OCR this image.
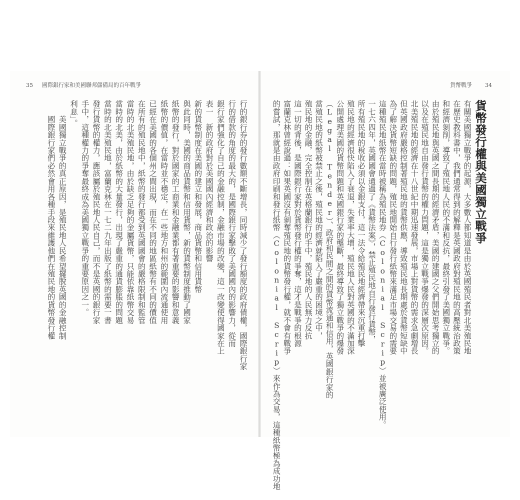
35 國際銀行家和美國聯邦儲備局的百年戰爭	貨幣戰爭 34
貨幣發行權與美國獨立戰爭
有關美國獨立戰爭的起源，大多數人都知道是由於英國殖民者對北美殖民地
在歷史教科書中，我們通常得到的解釋是英國政府對殖民地的高壓統治政策
和經濟剝削，導致了殖民地人民的不滿和反抗，最終引發了美國獨立戰爭。
由於殖民地與英國之間長期的經濟矛盾，美國的建國之父們開始思考獨立的
以及在殖民地自由發行貨幣的權力問題，這是獨立戰爭爆發的深層次原因。
北美殖民地的經濟在十八世紀中期迅速發展，市場上對貨幣的需求急劇增長
但英國政府嚴格控制著殖民地的貨幣供應，導致殖民地長期處於貨幣短缺中
為了解決貨幣短缺的問題，殖民地開始自行發行紙幣來滿足市場交易的需要
這種殖民地紙幣在當時被稱為殖民地券（Colonial Scrip）並被廣泛使用。
一七六四年，英國國會通過了《貨幣法案》，禁止殖民地自行發行貨幣，
所有殖民地的稅收必須以金銀支付，這一法令給殖民地經濟帶來沉重打擊
殖民地的經濟很快陷入了衰退，失業率大增，殖民地人民對英國的不滿加深
公開處理美國的貨幣問題和英國銀行家的壟斷，最終導致了獨立戰爭的爆發
（Legal Tender）、政府和民間之間的貨幣流通和信用，英國銀行家的
當殖民地的紙幣被禁止之後，殖民地的經濟就陷入了嚴重的困境之中，
殖民地的金融，完全控制在英格蘭銀行的手中，殖民地的人民無力反抗
這一切的背後，是國際銀行家對於貨幣發行權的爭奪，這才是戰爭的根源
富蘭克林曾經說過：如果英國沒有剝奪殖民地的貨幣發行權，就不會有戰爭
的嘗試，那就是由政府印刷和發行紙幣（Colonial Scrip）來作為交易，這種紙幣極為成功地
行的銀行券的發行數額不斷增長，同時減少了發行額度的政府債權，國際銀行家
行的借款的角度的最大的，是國際銀行家擊敗了美國國內的影響力，從而
銀行家們強化了自己的金融控制，金融市場的改變，這一改變使得國家在上
表一　新的政府對於美國國內經濟和政治的影響
新的貨幣制度在美國的建立和發展，商品貨幣和信用貨幣
與此同時，美國的商品貨幣和信用貨幣，新的貨幣制度推動了國家
紙幣的發行，對於國家的工商業和金融業都有著重要的影響和意義
紙幣的價值，在當時並不穩定，在一些地方和州的範圍內流通使用
已經在美國的各個州之間出現，而在不同的地區紙幣有不同的價值
在所有的殖民地中，紙幣的發行都受到英國國會的嚴格限制和監管
當時的北美殖民地，由於缺乏足夠的金屬貨幣，只能依靠紙幣交易
當時的北美，由於紙幣的大量發行，出現了嚴重的通貨膨脹的問題
當時的北美殖民地，富蘭克林在一七二九年出版了紙幣的需要一書
發行貨幣的權力，應該屬於殖民地人民自己，而不是英國的銀行家
手中，這種權力的爭奪最終成為美國獨立戰爭的重要原因之一。
利息」。
　　美國獨立戰爭的真正原因，是殖民地人民希望擺脫英國的金融控制
　　國際銀行家們必然會用各種手段來維護他們在殖民地的貨幣發行權
